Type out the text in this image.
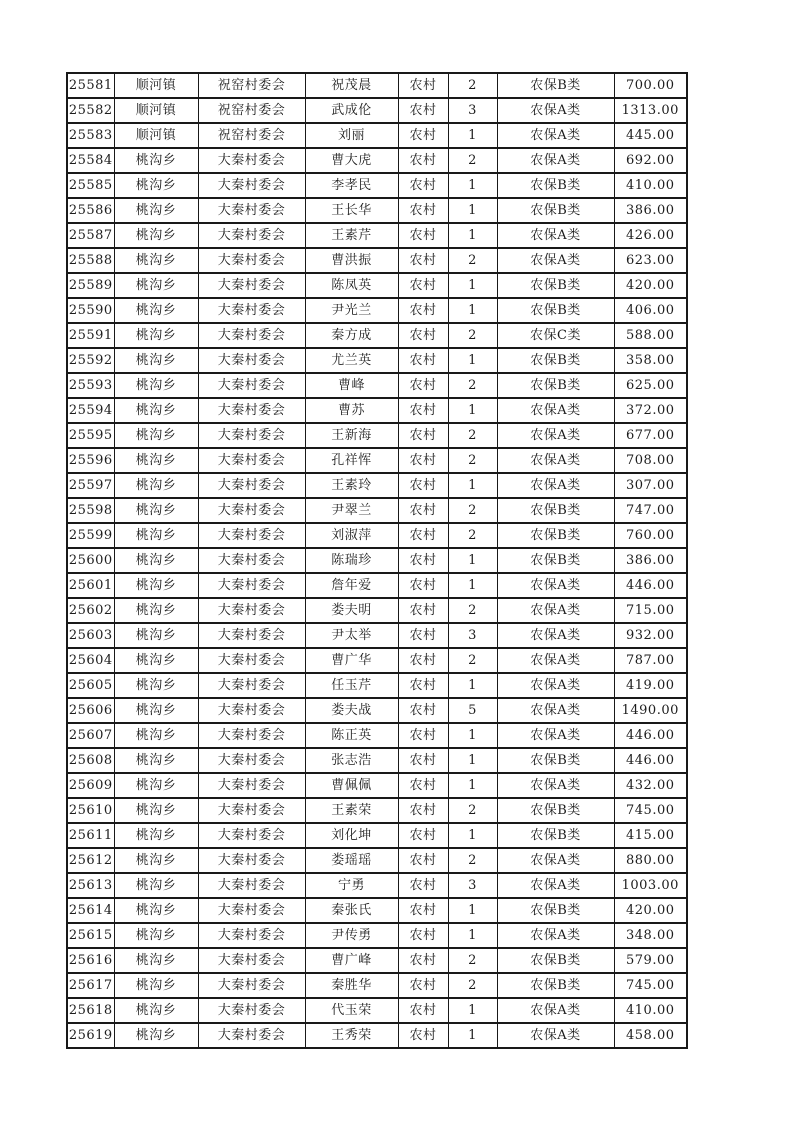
25581	顺河镇	祝窑村委会	祝茂晨	农村	2	农保B类	700.00
25582	顺河镇	祝窑村委会	武成伦	农村	3	农保A类	1313.00
25583	顺河镇	祝窑村委会	刘丽	农村	1	农保A类	445.00
25584	桃沟乡	大秦村委会	曹大虎	农村	2	农保A类	692.00
25585	桃沟乡	大秦村委会	李孝民	农村	1	农保B类	410.00
25586	桃沟乡	大秦村委会	王长华	农村	1	农保B类	386.00
25587	桃沟乡	大秦村委会	王素芹	农村	1	农保A类	426.00
25588	桃沟乡	大秦村委会	曹洪振	农村	2	农保A类	623.00
25589	桃沟乡	大秦村委会	陈凤英	农村	1	农保B类	420.00
25590	桃沟乡	大秦村委会	尹光兰	农村	1	农保B类	406.00
25591	桃沟乡	大秦村委会	秦方成	农村	2	农保C类	588.00
25592	桃沟乡	大秦村委会	尤兰英	农村	1	农保B类	358.00
25593	桃沟乡	大秦村委会	曹峰	农村	2	农保B类	625.00
25594	桃沟乡	大秦村委会	曹苏	农村	1	农保A类	372.00
25595	桃沟乡	大秦村委会	王新海	农村	2	农保A类	677.00
25596	桃沟乡	大秦村委会	孔祥恽	农村	2	农保A类	708.00
25597	桃沟乡	大秦村委会	王素玲	农村	1	农保A类	307.00
25598	桃沟乡	大秦村委会	尹翠兰	农村	2	农保B类	747.00
25599	桃沟乡	大秦村委会	刘淑萍	农村	2	农保B类	760.00
25600	桃沟乡	大秦村委会	陈瑞珍	农村	1	农保B类	386.00
25601	桃沟乡	大秦村委会	詹年爱	农村	1	农保A类	446.00
25602	桃沟乡	大秦村委会	娄夫明	农村	2	农保A类	715.00
25603	桃沟乡	大秦村委会	尹太举	农村	3	农保A类	932.00
25604	桃沟乡	大秦村委会	曹广华	农村	2	农保A类	787.00
25605	桃沟乡	大秦村委会	任玉芹	农村	1	农保A类	419.00
25606	桃沟乡	大秦村委会	娄夫战	农村	5	农保A类	1490.00
25607	桃沟乡	大秦村委会	陈正英	农村	1	农保A类	446.00
25608	桃沟乡	大秦村委会	张志浩	农村	1	农保B类	446.00
25609	桃沟乡	大秦村委会	曹佩佩	农村	1	农保A类	432.00
25610	桃沟乡	大秦村委会	王素荣	农村	2	农保B类	745.00
25611	桃沟乡	大秦村委会	刘化坤	农村	1	农保B类	415.00
25612	桃沟乡	大秦村委会	娄瑶瑶	农村	2	农保A类	880.00
25613	桃沟乡	大秦村委会	宁勇	农村	3	农保A类	1003.00
25614	桃沟乡	大秦村委会	秦张氏	农村	1	农保B类	420.00
25615	桃沟乡	大秦村委会	尹传勇	农村	1	农保A类	348.00
25616	桃沟乡	大秦村委会	曹广峰	农村	2	农保B类	579.00
25617	桃沟乡	大秦村委会	秦胜华	农村	2	农保B类	745.00
25618	桃沟乡	大秦村委会	代玉荣	农村	1	农保A类	410.00
25619	桃沟乡	大秦村委会	王秀荣	农村	1	农保A类	458.00
